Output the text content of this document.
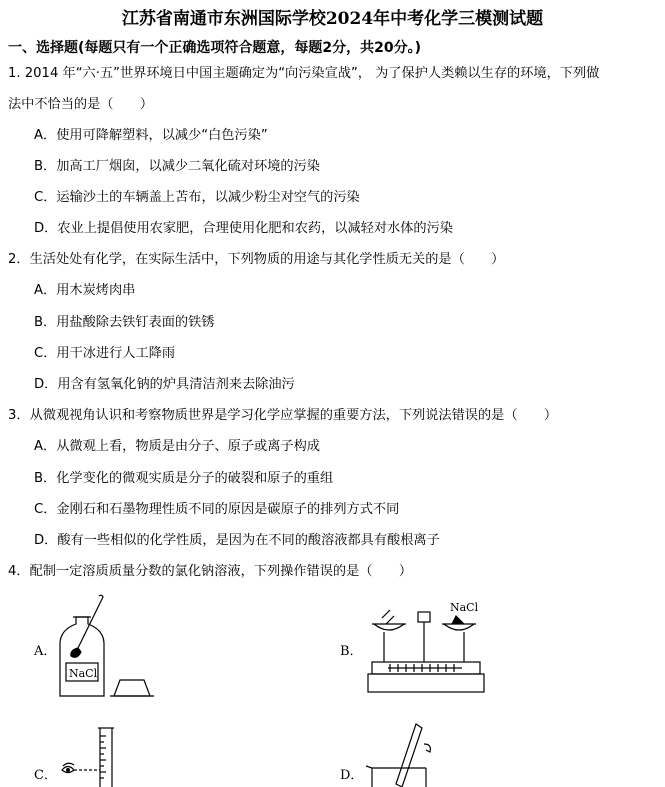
江苏省南通市东洲国际学校2024年中考化学三模测试题
一、选择题(每题只有一个正确选项符合题意，每题2分，共20分。)
1. 2014 年“六·五”世界环境日中国主题确定为“向污染宣战”， 为了保护人类赖以生存的环境，下列做
法中不恰当的是（　　）
A．使用可降解塑料，以减少“白色污染”
B．加高工厂烟囱，以减少二氧化硫对环境的污染
C．运输沙土的车辆盖上苫布，以减少粉尘对空气的污染
D．农业上提倡使用农家肥，合理使用化肥和农药，以减轻对水体的污染
2．生活处处有化学，在实际生活中，下列物质的用途与其化学性质无关的是（　　）
A．用木炭烤肉串
B．用盐酸除去铁钉表面的铁锈
C．用干冰进行人工降雨
D．用含有氢氧化钠的炉具清洁剂来去除油污
3．从微观视角认识和考察物质世界是学习化学应掌握的重要方法，下列说法错误的是（　　）
A．从微观上看，物质是由分子、原子或离子构成
B．化学变化的微观实质是分子的破裂和原子的重组
C．金刚石和石墨物理性质不同的原因是碳原子的排列方式不同
D．酸有一些相似的化学性质，是因为在不同的酸溶液都具有酸根离子
4．配制一定溶质质量分数的氯化钠溶液，下列操作错误的是（　　）
A．	B．
C．	D．
NaCl
NaCl
